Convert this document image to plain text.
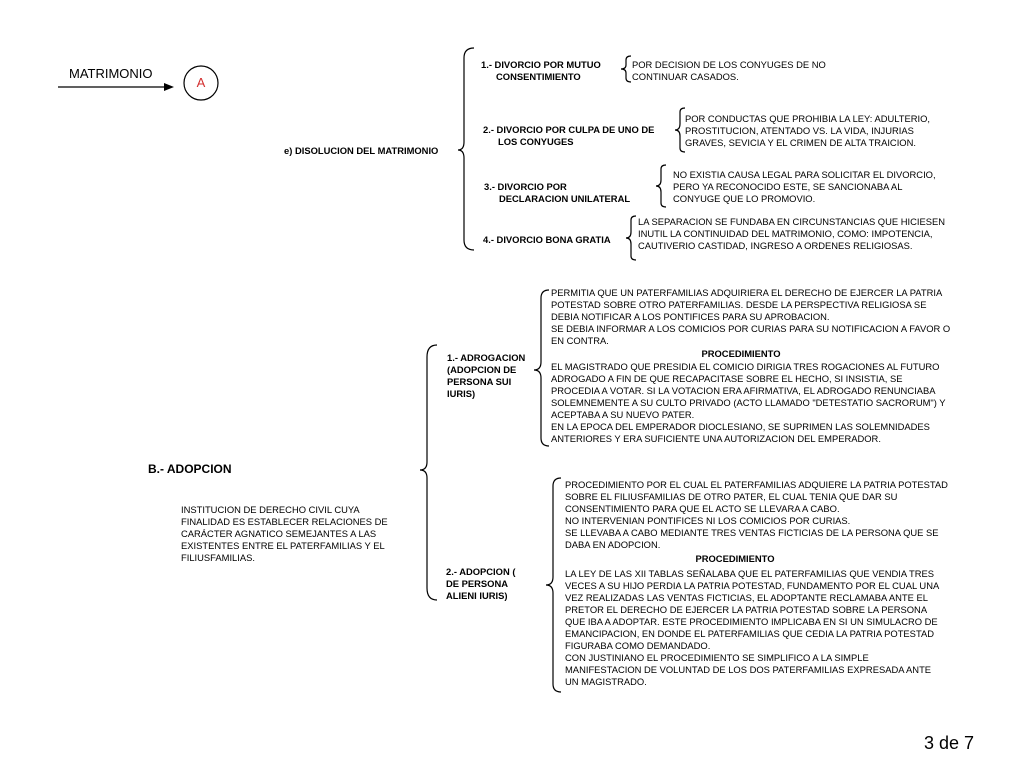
MATRIMONIO
A
e) DISOLUCION DEL MATRIMONIO
1.- DIVORCIO POR MUTUO
CONSENTIMIENTO
POR DECISION DE LOS CONYUGES DE NO
CONTINUAR CASADOS.
2.- DIVORCIO POR CULPA DE UNO DE
LOS CONYUGES
POR CONDUCTAS QUE PROHIBIA LA LEY: ADULTERIO,
PROSTITUCION, ATENTADO VS. LA VIDA, INJURIAS
GRAVES, SEVICIA Y EL CRIMEN DE ALTA TRAICION.
3.- DIVORCIO POR
DECLARACION UNILATERAL
NO EXISTIA CAUSA LEGAL PARA SOLICITAR EL DIVORCIO,
PERO YA RECONOCIDO ESTE, SE SANCIONABA AL
CONYUGE QUE LO PROMOVIO.
4.- DIVORCIO BONA GRATIA
LA SEPARACION SE FUNDABA EN CIRCUNSTANCIAS QUE HICIESEN
INUTIL LA CONTINUIDAD DEL MATRIMONIO, COMO: IMPOTENCIA,
CAUTIVERIO CASTIDAD, INGRESO A ORDENES RELIGIOSAS.
B.- ADOPCION
INSTITUCION DE DERECHO CIVIL CUYA
FINALIDAD ES ESTABLECER RELACIONES DE
CARÁCTER AGNATICO SEMEJANTES A LAS
EXISTENTES ENTRE EL PATERFAMILIAS Y EL
FILIUSFAMILIAS.
1.- ADROGACION
(ADOPCION DE
PERSONA SUI
IURIS)
PERMITIA QUE UN PATERFAMILIAS ADQUIRIERA EL DERECHO DE EJERCER LA PATRIA
POTESTAD SOBRE OTRO PATERFAMILIAS. DESDE LA PERSPECTIVA RELIGIOSA SE
DEBIA NOTIFICAR A LOS PONTIFICES PARA SU APROBACION.
SE DEBIA INFORMAR A LOS COMICIOS POR CURIAS PARA SU NOTIFICACION A FAVOR O
EN CONTRA.
PROCEDIMIENTO
EL MAGISTRADO QUE PRESIDIA EL COMICIO DIRIGIA TRES ROGACIONES AL FUTURO
ADROGADO A FIN DE QUE RECAPACITASE SOBRE EL HECHO, SI INSISTIA, SE
PROCEDIA A VOTAR. SI LA VOTACION ERA AFIRMATIVA, EL ADROGADO RENUNCIABA
SOLEMNEMENTE A SU CULTO PRIVADO (ACTO LLAMADO "DETESTATIO SACRORUM") Y
ACEPTABA A SU NUEVO PATER.
EN LA EPOCA DEL EMPERADOR DIOCLESIANO, SE SUPRIMEN LAS SOLEMNIDADES
ANTERIORES Y ERA SUFICIENTE UNA AUTORIZACION DEL EMPERADOR.
2.- ADOPCION (
DE PERSONA
ALIENI IURIS)
PROCEDIMIENTO POR EL CUAL EL PATERFAMILIAS ADQUIERE LA PATRIA POTESTAD
SOBRE EL FILIUSFAMILIAS DE OTRO PATER, EL CUAL TENIA QUE DAR SU
CONSENTIMIENTO PARA QUE EL ACTO SE LLEVARA A CABO.
NO INTERVENIAN PONTIFICES NI LOS COMICIOS POR CURIAS.
SE LLEVABA A CABO MEDIANTE TRES VENTAS FICTICIAS DE LA PERSONA QUE SE
DABA EN ADOPCION.
PROCEDIMIENTO
LA LEY DE LAS XII TABLAS SEÑALABA QUE EL PATERFAMILIAS QUE VENDIA TRES
VECES A SU HIJO PERDIA LA PATRIA POTESTAD, FUNDAMENTO POR EL CUAL UNA
VEZ REALIZADAS LAS VENTAS FICTICIAS, EL ADOPTANTE RECLAMABA ANTE EL
PRETOR EL DERECHO DE EJERCER LA PATRIA POTESTAD SOBRE LA PERSONA
QUE IBA A ADOPTAR. ESTE PROCEDIMIENTO IMPLICABA EN SI UN SIMULACRO DE
EMANCIPACION, EN DONDE EL PATERFAMILIAS QUE CEDIA LA PATRIA POTESTAD
FIGURABA COMO DEMANDADO.
CON JUSTINIANO EL PROCEDIMIENTO SE SIMPLIFICO A LA SIMPLE
MANIFESTACION DE VOLUNTAD DE LOS DOS PATERFAMILIAS EXPRESADA ANTE
UN MAGISTRADO.
3 de 7
